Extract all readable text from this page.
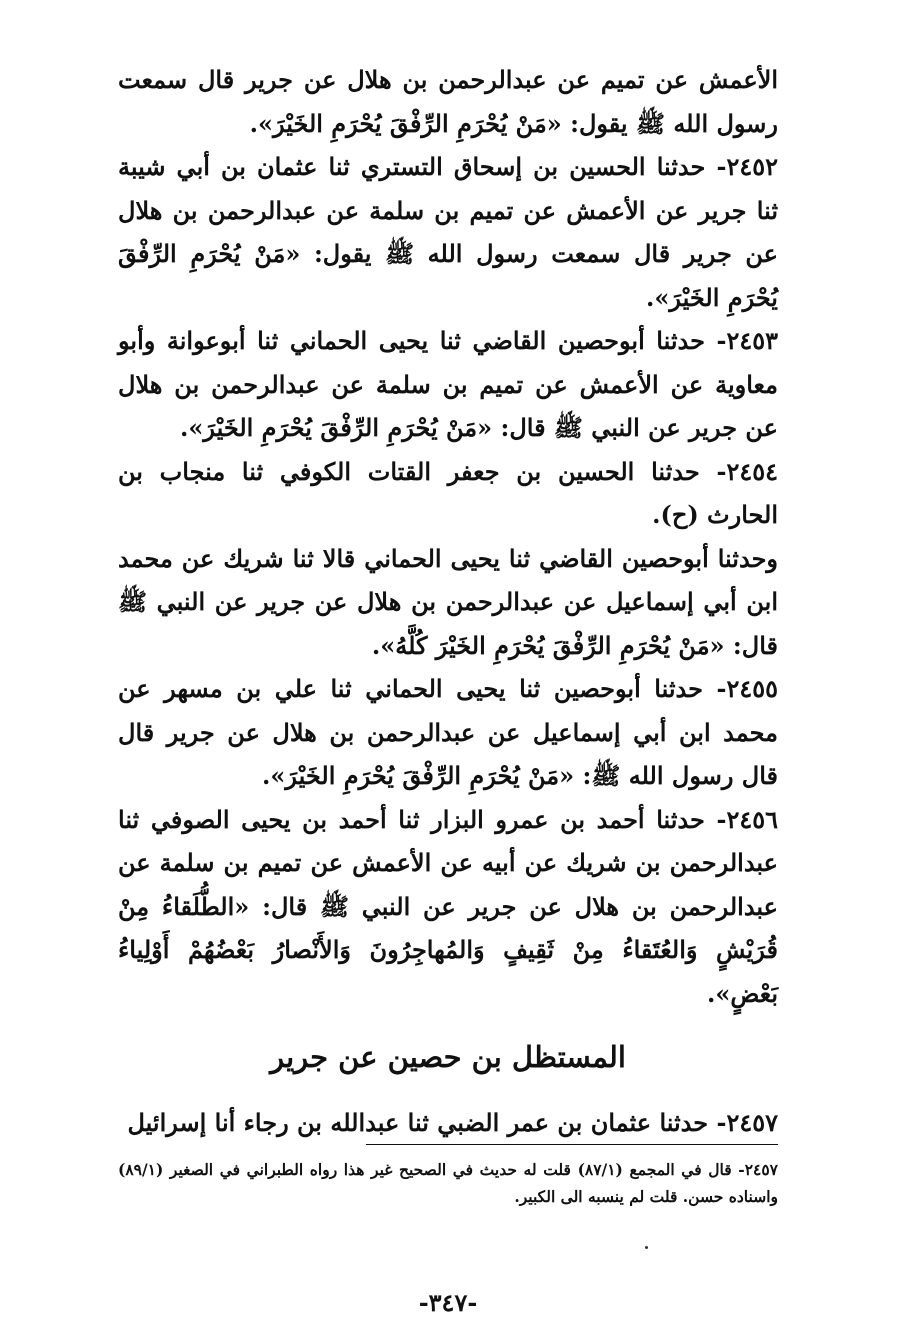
الأعمش عن تميم عن عبدالرحمن بن هلال عن جرير قال سمعت رسول الله ﷺ يقول: «مَنْ يُحْرَمِ الرِّفْقَ يُحْرَمِ الخَيْرَ».

٢٤٥٢- حدثنا الحسين بن إسحاق التستري ثنا عثمان بن أبي شيبة ثنا جرير عن الأعمش عن تميم بن سلمة عن عبدالرحمن بن هلال عن جرير قال سمعت رسول الله ﷺ يقول: «مَنْ يُحْرَمِ الرِّفْقَ يُحْرَمِ الخَيْرَ».

٢٤٥٣- حدثنا أبوحصين القاضي ثنا يحيى الحماني ثنا أبوعوانة وأبو معاوية عن الأعمش عن تميم بن سلمة عن عبدالرحمن بن هلال عن جرير عن النبي ﷺ قال: «مَنْ يُحْرَمِ الرِّفْقَ يُحْرَمِ الخَيْرَ».

٢٤٥٤- حدثنا الحسين بن جعفر القتات الكوفي ثنا منجاب بن الحارث (ح).

وحدثنا أبوحصين القاضي ثنا يحيى الحماني قالا ثنا شريك عن محمد ابن أبي إسماعيل عن عبدالرحمن بن هلال عن جرير عن النبي ﷺ قال: «مَنْ يُحْرَمِ الرِّفْقَ يُحْرَمِ الخَيْرَ كُلَّهُ».

٢٤٥٥- حدثنا أبوحصين ثنا يحيى الحماني ثنا علي بن مسهر عن محمد ابن أبي إسماعيل عن عبدالرحمن بن هلال عن جرير قال قال رسول الله ﷺ: «مَنْ يُحْرَمِ الرِّفْقَ يُحْرَمِ الخَيْرَ».

٢٤٥٦- حدثنا أحمد بن عمرو البزار ثنا أحمد بن يحيى الصوفي ثنا عبدالرحمن بن شريك عن أبيه عن الأعمش عن تميم بن سلمة عن عبدالرحمن بن هلال عن جرير عن النبي ﷺ قال: «الطُّلَقاءُ مِنْ قُرَيْشٍ وَالعُتَقاءُ مِنْ ثَقِيفٍ وَالمُهاجِرُونَ وَالأَنْصارُ بَعْضُهُمْ أَوْلِياءُ بَعْضٍ».

المستظل بن حصين عن جرير

٢٤٥٧- حدثنا عثمان بن عمر الضبي ثنا عبدالله بن رجاء أنا إسرائيل

٢٤٥٧- قال في المجمع (٨٧/١) قلت له حديث في الصحيح غير هذا رواه الطبراني في الصغير (٨٩/١) واسناده حسن. قلت لم ينسبه الى الكبير.
-٣٤٧-
